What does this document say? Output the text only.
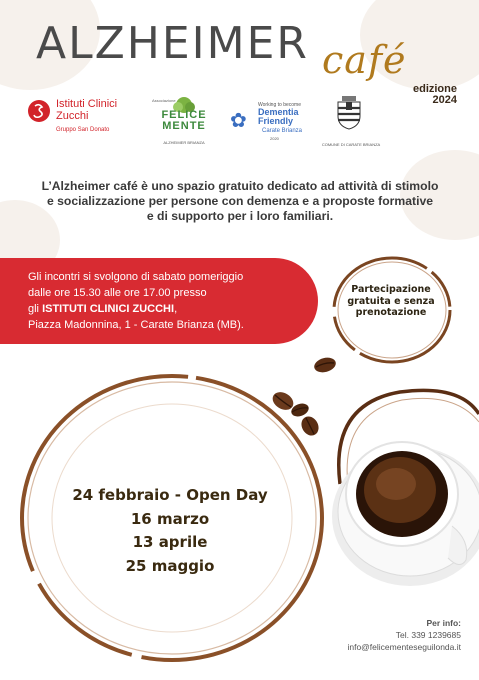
ALZHEIMER café
edizione
2024
Istituti Clinici
Zucchi
Gruppo San Donato
Associazione
FELICE
MENTE
ALZHEIMER BRIANZA
✿
Working to become
Dementia
Friendly
Carate Brianza
2020
COMUNE DI CARATE BRIANZA
L’Alzheimer café è uno spazio gratuito dedicato ad attività di stimolo
e socializzazione per persone con demenza e a proposte formative
e di supporto per i loro familiari.
Gli incontri si svolgono di sabato pomeriggio
dalle ore 15.30 alle ore 17.00 presso
gli ISTITUTI CLINICI ZUCCHI,
Piazza Madonnina, 1 - Carate Brianza (MB).
Partecipazione
gratuita e senza
prenotazione
24 febbraio - Open Day
16 marzo
13 aprile
25 maggio
Per info:
Tel. 339 1239685
info@felicementeseguilonda.it
